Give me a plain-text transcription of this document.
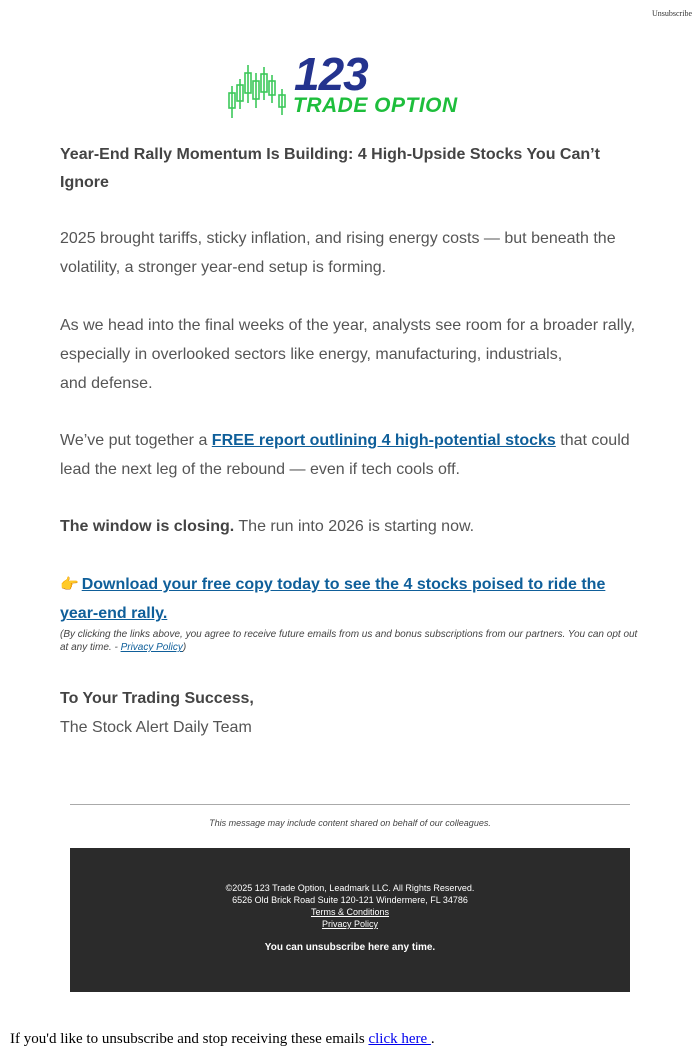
Unsubscribe
123
TRADE OPTION
Year-End Rally Momentum Is Building: 4 High-Upside Stocks You Can’t Ignore

2025 brought tariffs, sticky inflation, and rising energy costs — but beneath the volatility, a stronger year-end setup is forming.

As we head into the final weeks of the year, analysts see room for a broader rally, especially in overlooked sectors like energy, manufacturing, industrials,
and defense.

We’ve put together a FREE report outlining 4 high-potential stocks that could lead the next leg of the rebound — even if tech cools off.

The window is closing. The run into 2026 is starting now.

👉 Download your free copy today to see the 4 stocks poised to ride the year-end rally.
(By clicking the links above, you agree to receive future emails from us and bonus subscriptions from our partners. You can opt out at any time. - Privacy Policy)
To Your Trading Success,
The Stock Alert Daily Team
This message may include content shared on behalf of our colleagues.
©2025 123 Trade Option, Leadmark LLC. All Rights Reserved.
6526 Old Brick Road Suite 120-121 Windermere, FL 34786
Terms & Conditions
Privacy Policy
You can unsubscribe here any time.
If you'd like to unsubscribe and stop receiving these emails click here .
